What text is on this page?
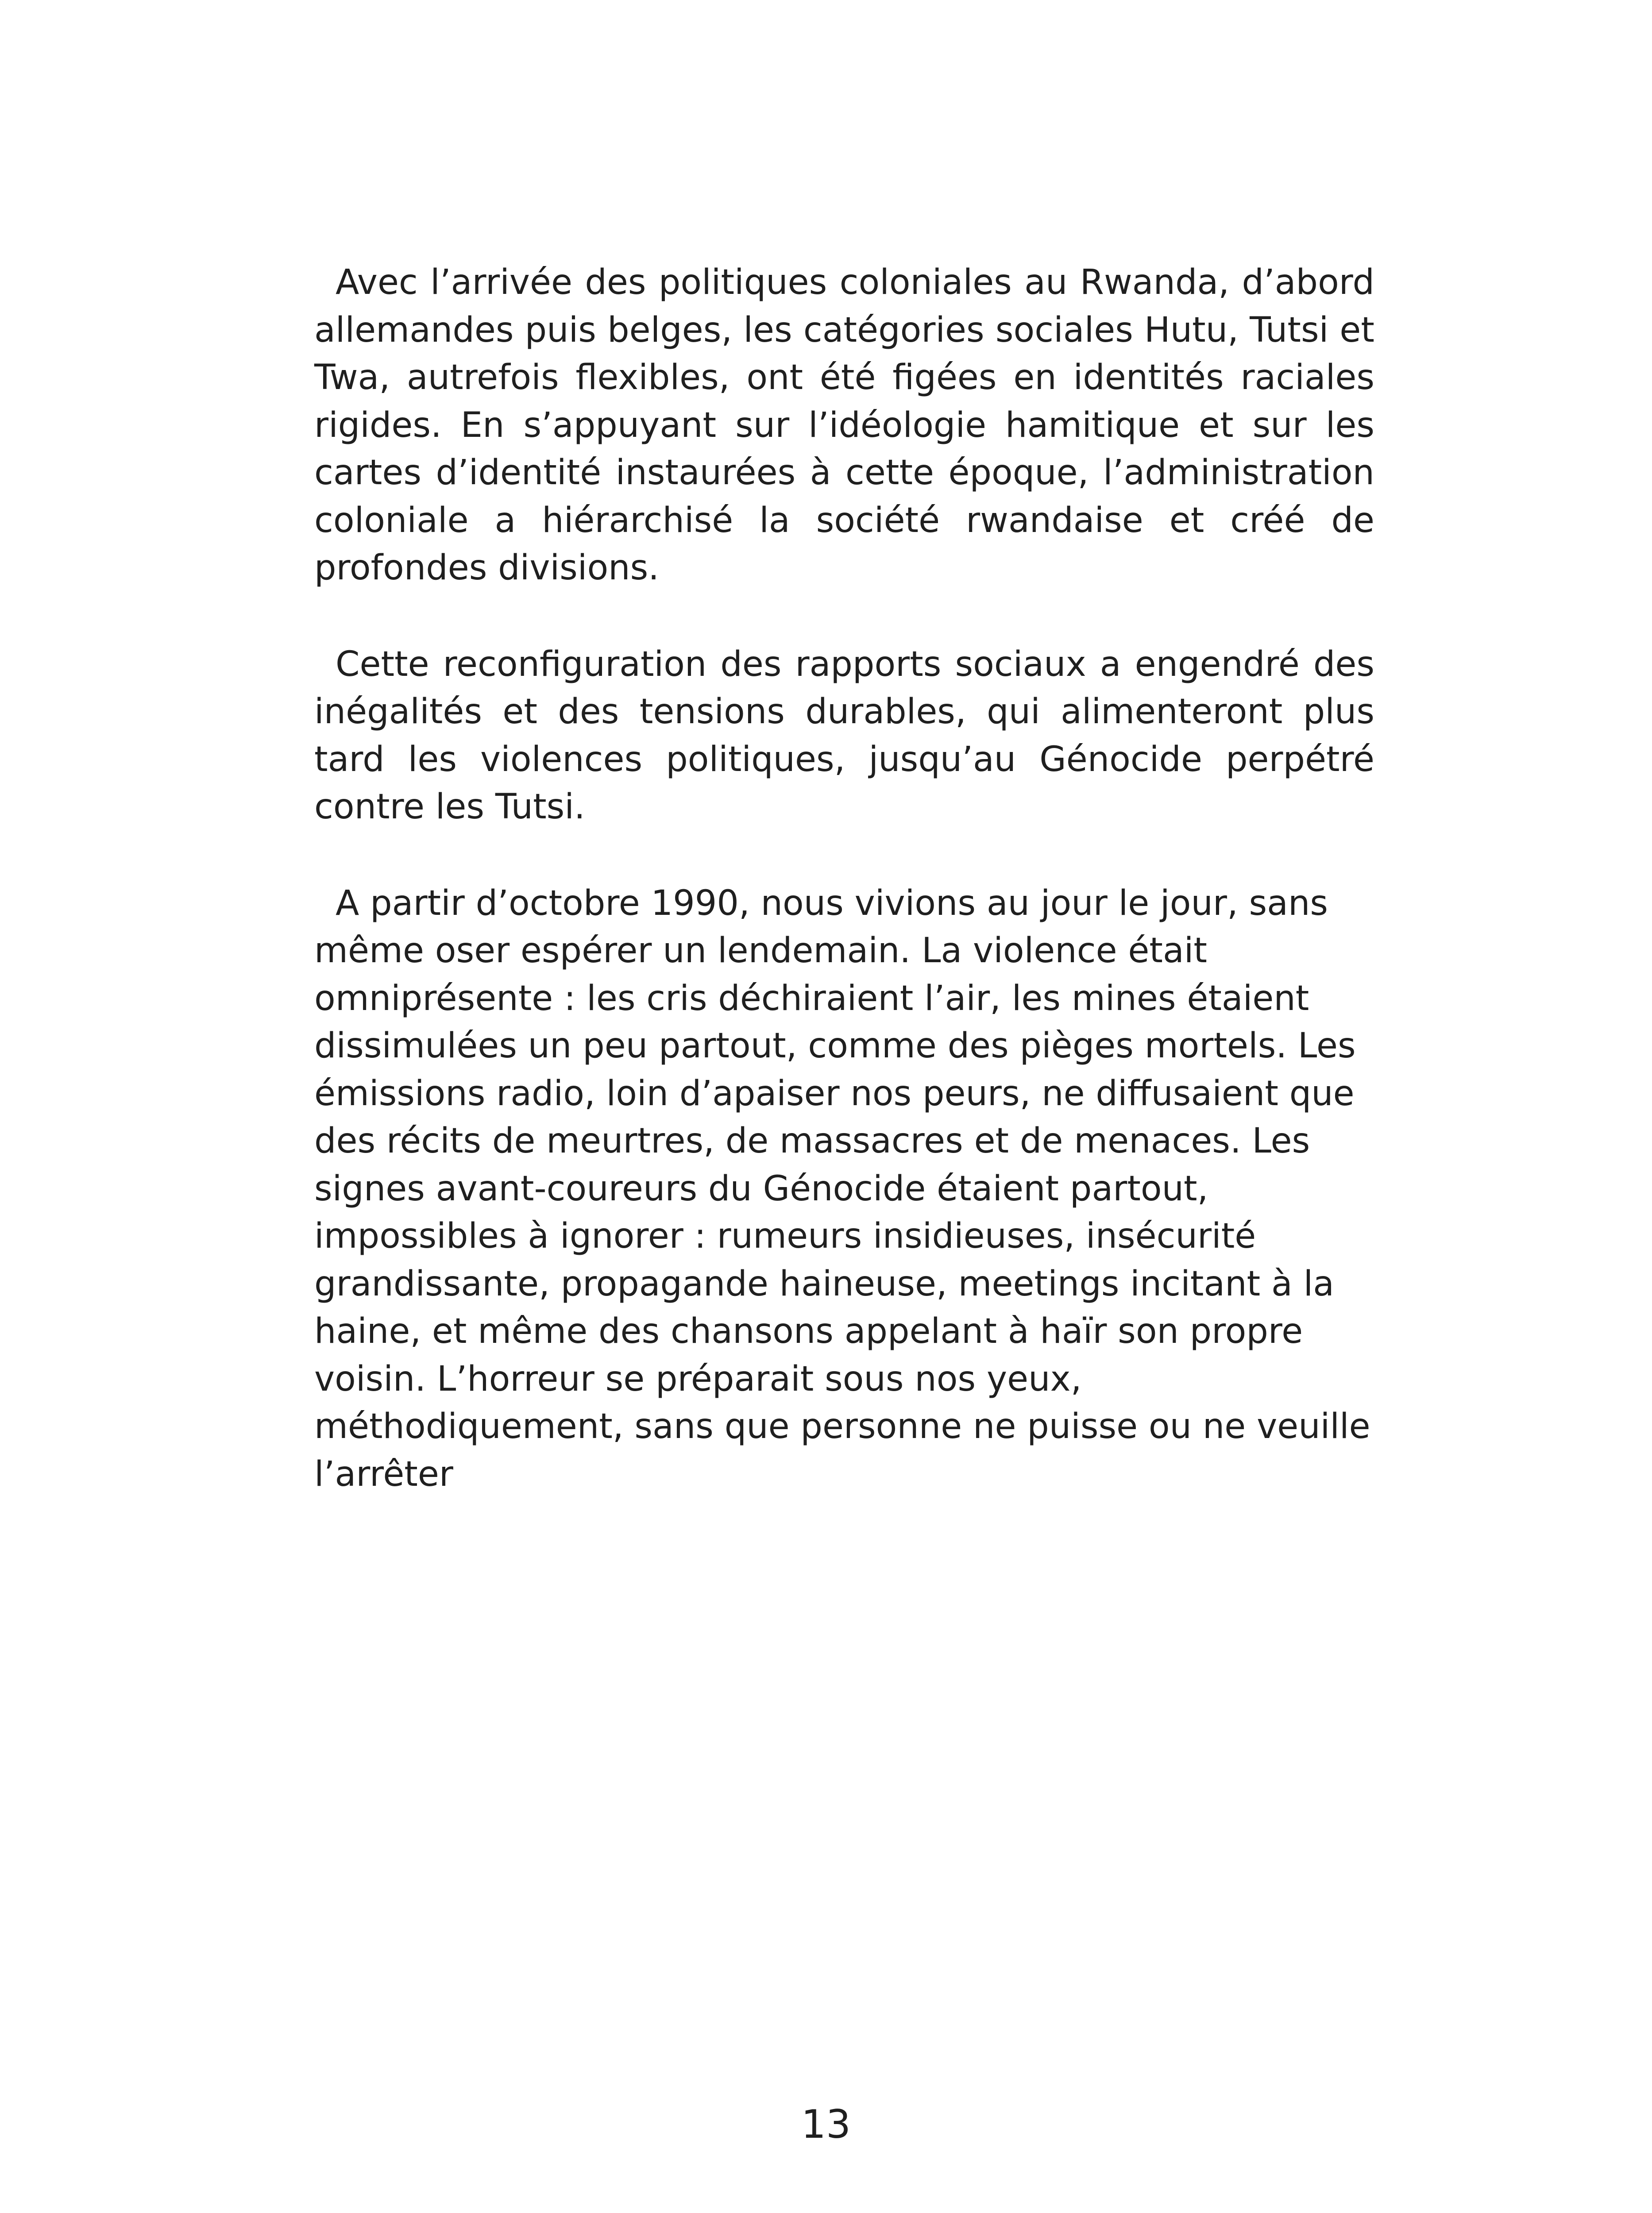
Avec l’arrivée des politiques coloniales au Rwanda, d’abord allemandes puis belges, les catégories sociales Hutu, Tutsi et Twa, autrefois flexibles, ont été figées en identités raciales rigides. En s’appuyant sur l’idéologie hamitique et sur les cartes d’identité instaurées à cette époque, l’administration coloniale a hiérarchisé la société rwandaise et créé de profondes divisions.

Cette reconfiguration des rapports sociaux a engendré des inégalités et des tensions durables, qui alimenteront plus tard les violences politiques, jusqu’au Génocide perpétré contre les Tutsi.

A partir d’octobre 1990, nous vivions au jour le jour, sans même oser espérer un lendemain. La violence était omniprésente : les cris déchiraient l’air, les mines étaient dissimulées un peu partout, comme des pièges mortels. Les émissions radio, loin d’apaiser nos peurs, ne diffusaient que des récits de meurtres, de massacres et de menaces. Les signes avant-coureurs du Génocide étaient partout, impossibles à ignorer : rumeurs insidieuses, insécurité grandissante, propagande haineuse, meetings incitant à la haine, et même des chansons appelant à haïr son propre voisin. L’horreur se préparait sous nos yeux, méthodiquement, sans que personne ne puisse ou ne veuille l’arrêter

13
